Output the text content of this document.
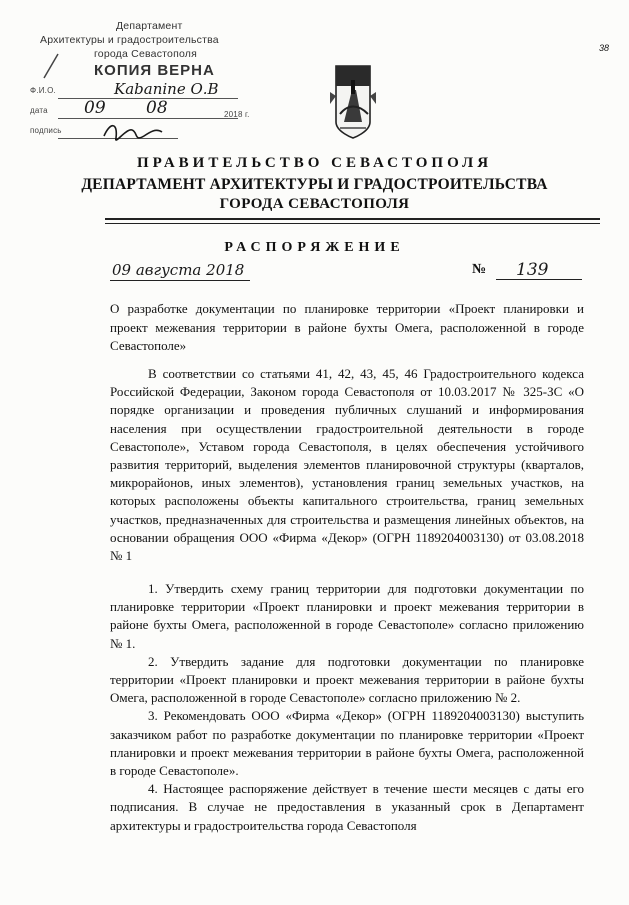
Департамент
Архитектуры и градостроительства
города Севастополя
КОПИЯ ВЕРНА
Ф.И.О.	Kabaninе О.В
дата 09 08	2018 г.
подпись
38
ПРАВИТЕЛЬСТВО СЕВАСТОПОЛЯ
ДЕПАРТАМЕНТ АРХИТЕКТУРЫ И ГРАДОСТРОИТЕЛЬСТВА
ГОРОДА СЕВАСТОПОЛЯ
РАСПОРЯЖЕНИЕ
09 августа 2018	№ 139
О разработке документации по планировке территории «Проект планировки и проект межевания территории в районе бухты Омега, расположенной в городе Севастополе»

В соответствии со статьями 41, 42, 43, 45, 46 Градостроительного кодекса Российской Федерации, Законом города Севастополя от 10.03.2017 № 325-ЗС «О порядке организации и проведения публичных слушаний и информирования населения при осуществлении градостроительной деятельности в городе Севастополе», Уставом города Севастополя, в целях обеспечения устойчивого развития территорий, выделения элементов планировочной структуры (кварталов, микрорайонов, иных элементов), установления границ земельных участков, на которых расположены объекты капитального строительства, границ земельных участков, предназначенных для строительства и размещения линейных объектов, на основании обращения ООО «Фирма «Декор» (ОГРН 1189204003130) от 03.08.2018 № 1

1. Утвердить схему границ территории для подготовки документации по планировке территории «Проект планировки и проект межевания территории в районе бухты Омега, расположенной в городе Севастополе» согласно приложению № 1.

2. Утвердить задание для подготовки документации по планировке территории «Проект планировки и проект межевания территории в районе бухты Омега, расположенной в городе Севастополе» согласно приложению № 2.

3. Рекомендовать ООО «Фирма «Декор» (ОГРН 1189204003130) выступить заказчиком работ по разработке документации по планировке территории «Проект планировки и проект межевания территории в районе бухты Омега, расположенной в городе Севастополе».

4. Настоящее распоряжение действует в течение шести месяцев с даты его подписания. В случае не предоставления в указанный срок в Департамент архитектуры и градостроительства города Севастополя
